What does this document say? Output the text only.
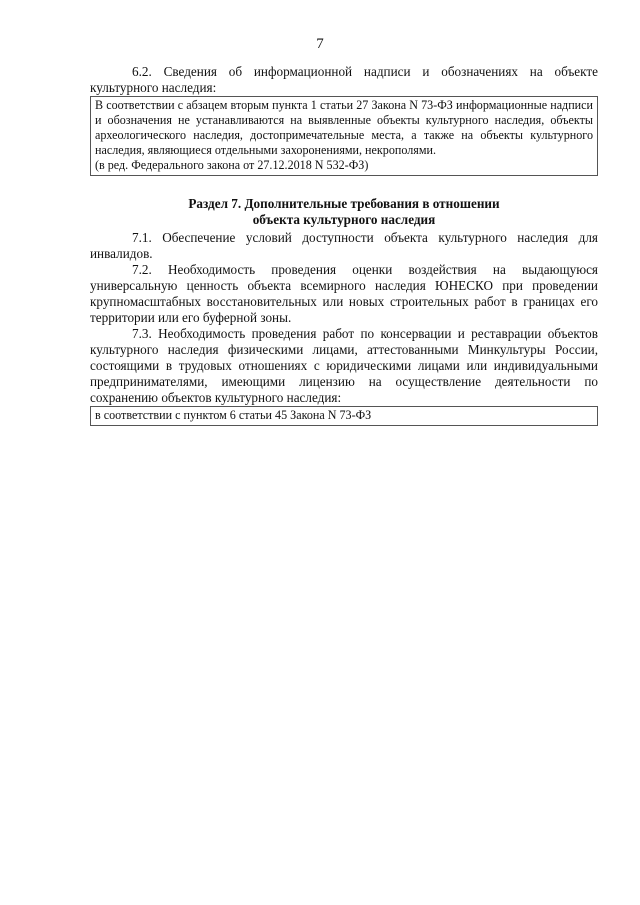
7

6.2. Сведения об информационной надписи и обозначениях на объекте культурного наследия:

В соответствии с абзацем вторым пункта 1 статьи 27 Закона N 73-ФЗ информационные надписи и обозначения не устанавливаются на выявленные объекты культурного наследия, объекты археологического наследия, достопримечательные места, а также на объекты культурного наследия, являющиеся отдельными захоронениями, некрополями.
(в ред. Федерального закона от 27.12.2018 N 532-ФЗ)
Раздел 7. Дополнительные требования в отношении
объекта культурного наследия

7.1. Обеспечение условий доступности объекта культурного наследия для инвалидов.

7.2. Необходимость проведения оценки воздействия на выдающуюся универсальную ценность объекта всемирного наследия ЮНЕСКО при проведении крупномасштабных восстановительных или новых строительных работ в границах его территории или его буферной зоны.

7.3. Необходимость проведения работ по консервации и реставрации объектов культурного наследия физическими лицами, аттестованными Минкультуры России, состоящими в трудовых отношениях с юридическими лицами или индивидуальными предпринимателями, имеющими лицензию на осуществление деятельности по сохранению объектов культурного наследия:

в соответствии с пунктом 6 статьи 45 Закона N 73-ФЗ
